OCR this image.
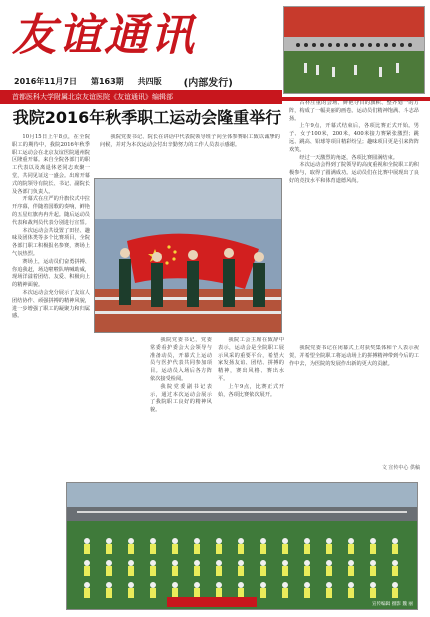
友谊通讯
2016年11月7日 第163期 共四版 (内部发行)
首都医科大学附属北京友谊医院《友谊通讯》编辑部
我院2016年秋季职工运动会隆重举行

10月15日上午8点，在全院职工的期待中，我院2016年秋季职工运动会在北京友谊医院通州院区隆重开幕。来自全院各部门的职工代表以及离退休老同志欢聚一堂，共同见证这一盛会。出席开幕式的院领导有院长、书记、副院长及各部门负责人。

开幕式在庄严的升旗仪式中拉开序幕，伴随着国歌的奏响，鲜艳的五星红旗冉冉升起。随后运动员代表和裁判员代表分别进行宣誓。

本次运动会共设置了田径、趣味及团体类等多个比赛项目，全院各部门职工积极报名参赛，赛场上气氛热烈。

赛场上，运动员们奋勇拼搏、你追我赶，场边啦啦队呐喊助威，现场洋溢着团结、友爱、积极向上的精神面貌。

本次运动会充分展示了友谊人团结协作、顽强拼搏的精神风貌，进一步增强了职工的凝聚力和归属感。

我院党委书记、院长在讲话中代表院领导班子向全体参赛职工致以诚挚的问候，并对为本次运动会付出辛勤努力的工作人员表示感谢。

我院党委书记，党委常委看护委会大会领导与准备动员，开幕式上运动员与医护代表共同参加项目。运动员入场后各方阵依次接受检阅。

我院党委副书记表示，通过本次运动会展示了我院职工良好的精神风貌。

我院工会主席在致辞中表示，运动会是全院职工展示风采的重要平台，希望大家发扬友谊、团结、拼搏的精神，赛出风格、赛出水平。

上午9点，比赛正式开始，各项比赛依次展开。

古朴庄重的会场、鲜艳夺目的旗帜、整齐划一的方阵，构成了一幅美丽的画卷。运动员们精神饱满、斗志昂扬。

上午9点，开幕式结束后，各项比赛正式开始。男子、女子100米，200米，400米接力赛紧张激烈；跳远、跳高、铅球等项目精彩纷呈；趣味项目更是引来阵阵欢笑。

经过一天激烈的角逐，各项比赛圆满结束。

本次运动会得到了院领导的高度重视和全院职工的积极参与，取得了圆满成功。运动员们在比赛中展现出了良好的竞技水平和体育道德风尚。

我院党委书记在闭幕式上对获奖集体和个人表示祝贺，并希望全院职工将运动场上的拼搏精神带到今后的工作中去，为医院的发展作出新的更大的贡献。

文 宣传中心 供稿
宣传编辑 摄影 魏 丽
